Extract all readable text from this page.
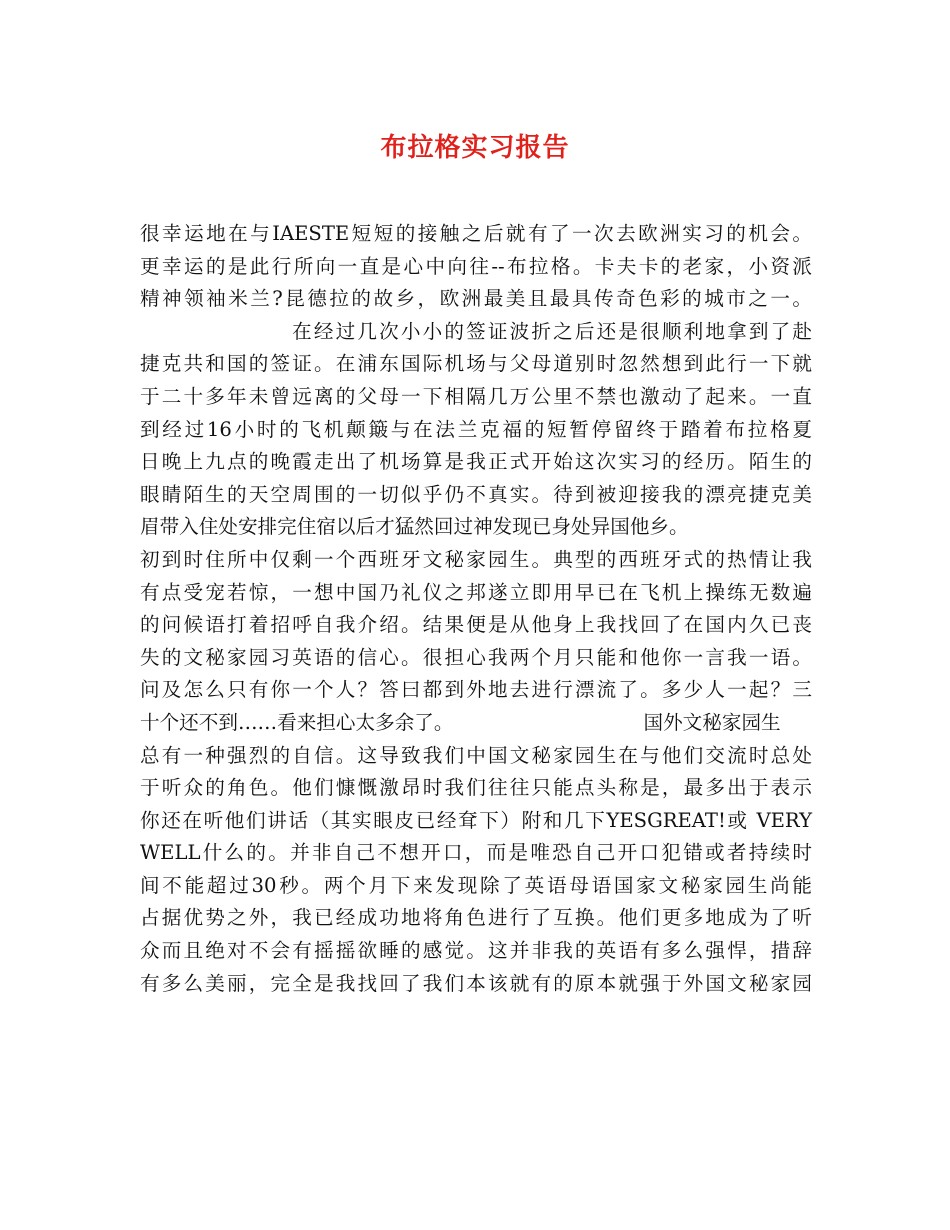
布拉格实习报告
很幸运地在与IAESTE短短的接触之后就有了一次去欧洲实习的机会。
更幸运的是此行所向一直是心中向往--布拉格。卡夫卡的老家，小资派
精神领袖米兰?昆德拉的故乡，欧洲最美且最具传奇色彩的城市之一。
在经过几次小小的签证波折之后还是很顺利地拿到了赴
捷克共和国的签证。在浦东国际机场与父母道别时忽然想到此行一下就
于二十多年未曾远离的父母一下相隔几万公里不禁也激动了起来。一直
到经过16小时的飞机颠簸与在法兰克福的短暂停留终于踏着布拉格夏
日晚上九点的晚霞走出了机场算是我正式开始这次实习的经历。陌生的
眼睛陌生的天空周围的一切似乎仍不真实。待到被迎接我的漂亮捷克美
眉带入住处安排完住宿以后才猛然回过神发现已身处异国他乡。
初到时住所中仅剩一个西班牙文秘家园生。典型的西班牙式的热情让我
有点受宠若惊，一想中国乃礼仪之邦遂立即用早已在飞机上操练无数遍
的问候语打着招呼自我介绍。结果便是从他身上我找回了在国内久已丧
失的文秘家园习英语的信心。很担心我两个月只能和他你一言我一语。
问及怎么只有你一个人？答曰都到外地去进行漂流了。多少人一起？三
十个还不到……看来担心太多余了。	国外文秘家园生
总有一种强烈的自信。这导致我们中国文秘家园生在与他们交流时总处
于听众的角色。他们慷慨激昂时我们往往只能点头称是，最多出于表示
你还在听他们讲话（其实眼皮已经耷下）附和几下YESGREAT!或 VERY
WELL什么的。并非自己不想开口，而是唯恐自己开口犯错或者持续时
间不能超过30秒。两个月下来发现除了英语母语国家文秘家园生尚能
占据优势之外，我已经成功地将角色进行了互换。他们更多地成为了听
众而且绝对不会有摇摇欲睡的感觉。这并非我的英语有多么强悍，措辞
有多么美丽，完全是我找回了我们本该就有的原本就强于外国文秘家园
